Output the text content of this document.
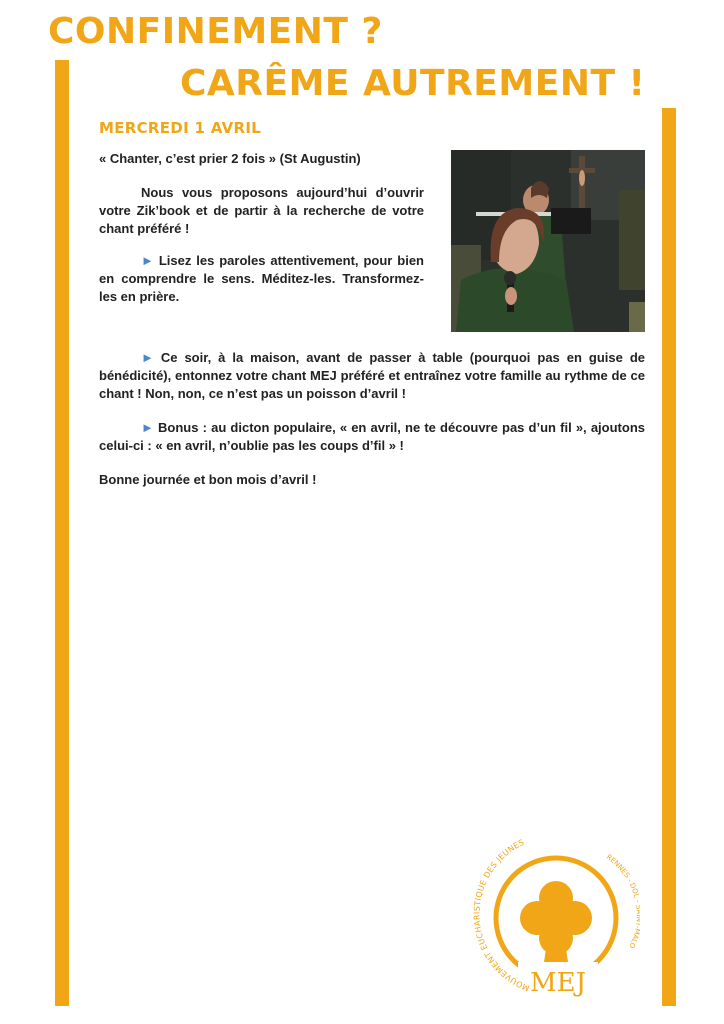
CONFINEMENT ?
CARÊME AUTREMENT !
MERCREDI 1 AVRIL

« Chanter, c’est prier 2 fois » (St Augustin)

Nous vous proposons aujourd’hui d’ouvrir votre Zik’book et de partir à la recherche de votre chant préféré !

► Lisez les paroles attentivement, pour bien en comprendre le sens. Méditez-les. Transformez- les en prière.

► Ce soir, à la maison, avant de passer à table (pourquoi pas en guise de bénédicité), entonnez votre chant MEJ préféré et entraînez votre famille au rythme de ce chant ! Non, non, ce n’est pas un poisson d’avril !

► Bonus : au dicton populaire, « en avril, ne te découvre pas d’un fil », ajoutons celui-ci : « en avril, n’oublie pas les coups d’fil » !

Bonne journée et bon mois d’avril !

MOUVEMENT EUCHARISTIQUE DES JEUNES
RENNES - DOL ALO
MEJ
